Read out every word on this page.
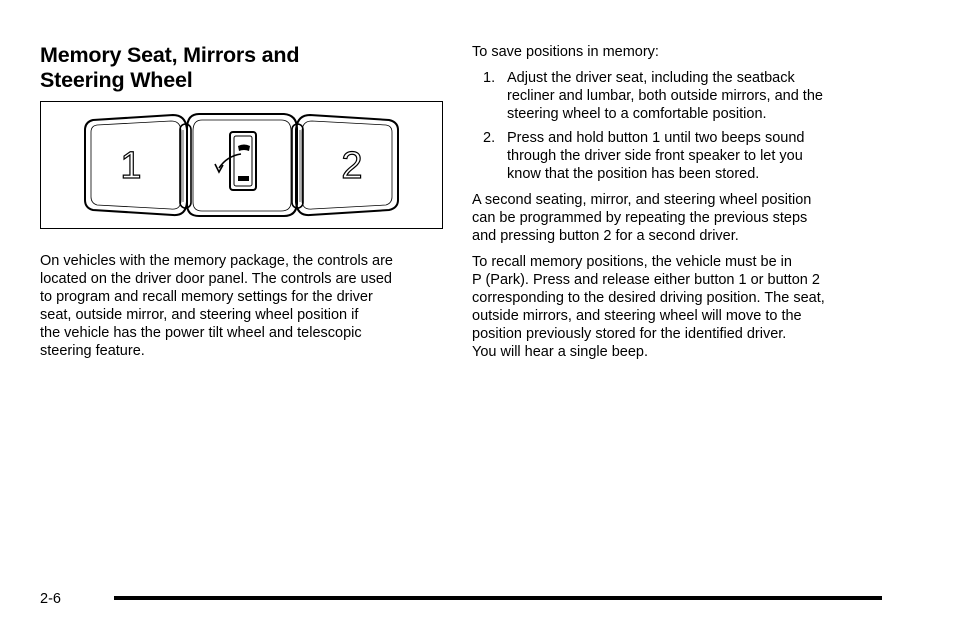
Memory Seat, Mirrors and
Steering Wheel
1	2

On vehicles with the memory package, the controls are
located on the driver door panel. The controls are used
to program and recall memory settings for the driver
seat, outside mirror, and steering wheel position if
the vehicle has the power tilt wheel and telescopic
steering feature.

To save positions in memory:

1. Adjust the driver seat, including the seatback
recliner and lumbar, both outside mirrors, and the
steering wheel to a comfortable position.
2. Press and hold button 1 until two beeps sound
through the driver side front speaker to let you
know that the position has been stored.

A second seating, mirror, and steering wheel position
can be programmed by repeating the previous steps
and pressing button 2 for a second driver.

To recall memory positions, the vehicle must be in
P (Park). Press and release either button 1 or button 2
corresponding to the desired driving position. The seat,
outside mirrors, and steering wheel will move to the
position previously stored for the identified driver.
You will hear a single beep.

2-6
